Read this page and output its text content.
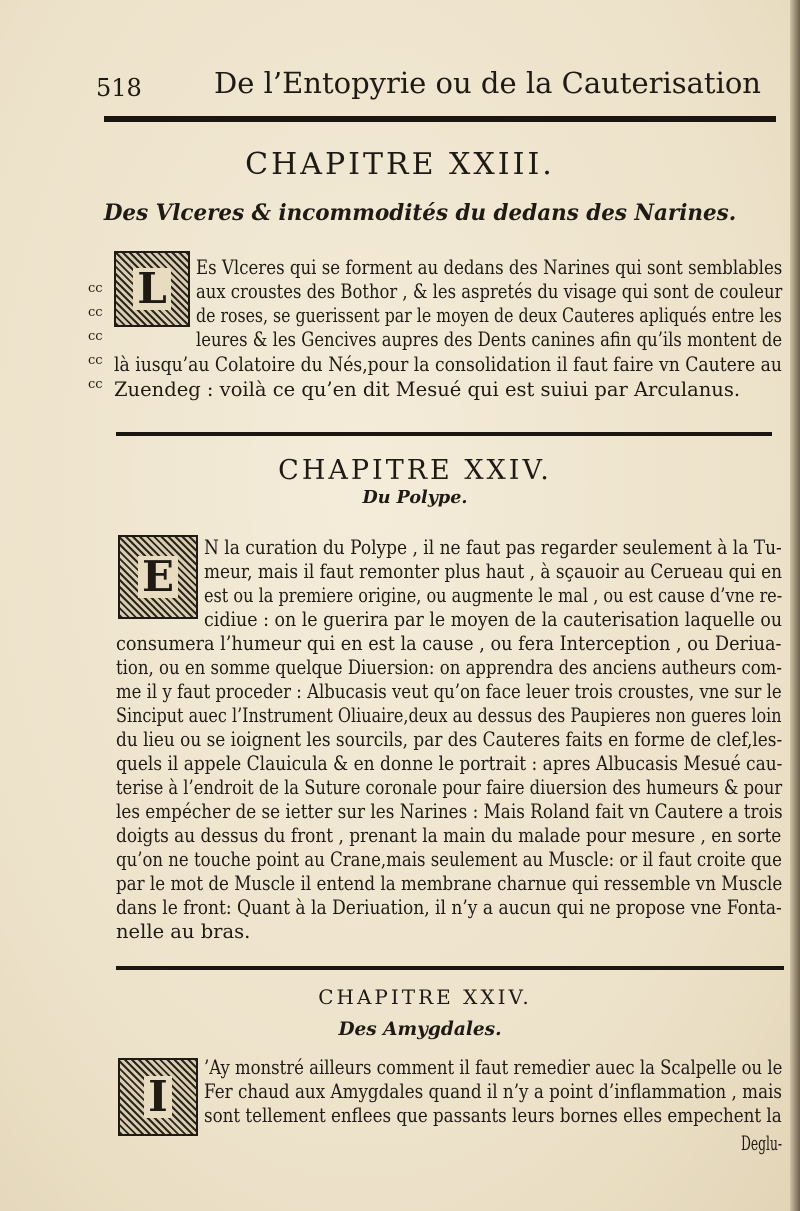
518 De l’Entopyrie ou de la Cauterisation
CHAPITRE XXIII.
Des Vlceres & incommodités du dedans des Narines.
L
cc
cc
cc
cc
cc
Es Vlceres qui se forment au dedans des Narines qui sont semblables
aux croustes des Bothor , & les aspretés du visage qui sont de couleur
de roses, se guerissent par le moyen de deux Cauteres apliqués entre les
leures & les Gencives aupres des Dents canines afin qu’ils montent de
là iusqu’au Colatoire du Nés,pour la consolidation il faut faire vn Cautere au
Zuendeg : voilà ce qu’en dit Mesué qui est suiui par Arculanus.
CHAPITRE XXIV.
Du Polype.
E
N la curation du Polype , il ne faut pas regarder seulement à la Tu-
meur, mais il faut remonter plus haut , à sçauoir au Cerueau qui en
est ou la premiere origine, ou augmente le mal , ou est cause d’vne re-
cidiue : on le guerira par le moyen de la cauterisation laquelle ou
consumera l’humeur qui en est la cause , ou fera Interception , ou Deriua-
tion, ou en somme quelque Diuersion: on apprendra des anciens autheurs com-
me il y faut proceder : Albucasis veut qu’on face leuer trois croustes, vne sur le
Sinciput auec l’Instrument Oliuaire,deux au dessus des Paupieres non gueres loin
du lieu ou se ioignent les sourcils, par des Cauteres faits en forme de clef,les-
quels il appele Clauicula & en donne le portrait : apres Albucasis Mesué cau-
terise à l’endroit de la Suture coronale pour faire diuersion des humeurs & pour
les empécher de se ietter sur les Narines : Mais Roland fait vn Cautere a trois
doigts au dessus du front , prenant la main du malade pour mesure , en sorte
qu’on ne touche point au Crane,mais seulement au Muscle: or il faut croite que
par le mot de Muscle il entend la membrane charnue qui ressemble vn Muscle
dans le front: Quant à la Deriuation, il n’y a aucun qui ne propose vne Fonta-
nelle au bras.
CHAPITRE XXIV.
Des Amygdales.
I
’Ay monstré ailleurs comment il faut remedier auec la Scalpelle ou le
Fer chaud aux Amygdales quand il n’y a point d’inflammation , mais
sont tellement enflees que passants leurs bornes elles empechent la
Deglu-
